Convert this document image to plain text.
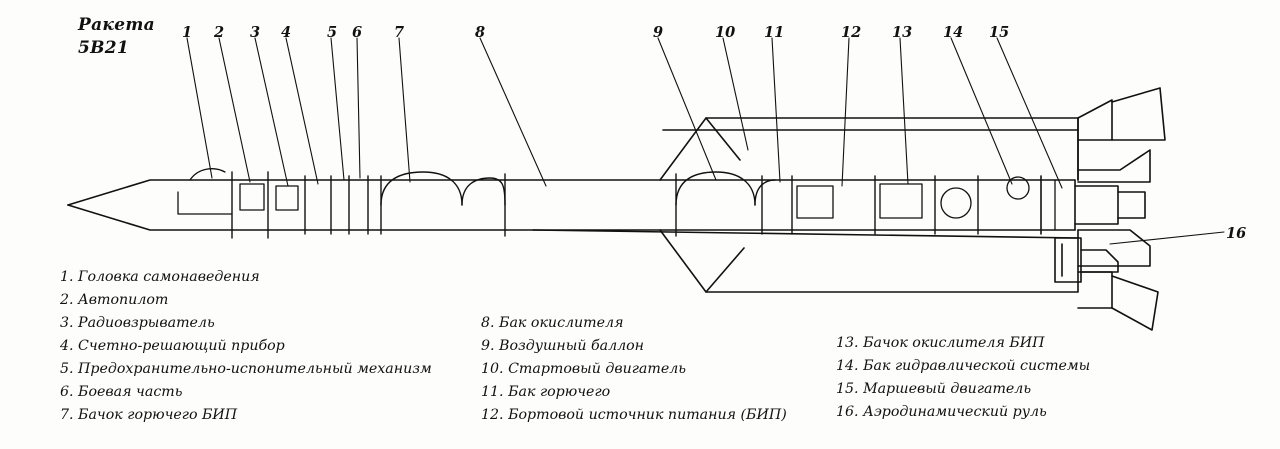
Ракета
5В21
1 2 3 4 5 6 7	8	9	10 11	12 13 14 15
16
1. Головка самонаведения
2. Автопилот
3. Радиовзрыватель
4. Счетно-решающий прибор
5. Предохранительно-испонительный механизм
6. Боевая часть
7. Бачок горючего БИП
8. Бак окислителя
9. Воздушный баллон
10. Стартовый двигатель
11. Бак горючего
12. Бортовой источник питания (БИП)
13. Бачок окислителя БИП
14. Бак гидравлической системы
15. Маршевый двигатель
16. Аэродинамический руль
